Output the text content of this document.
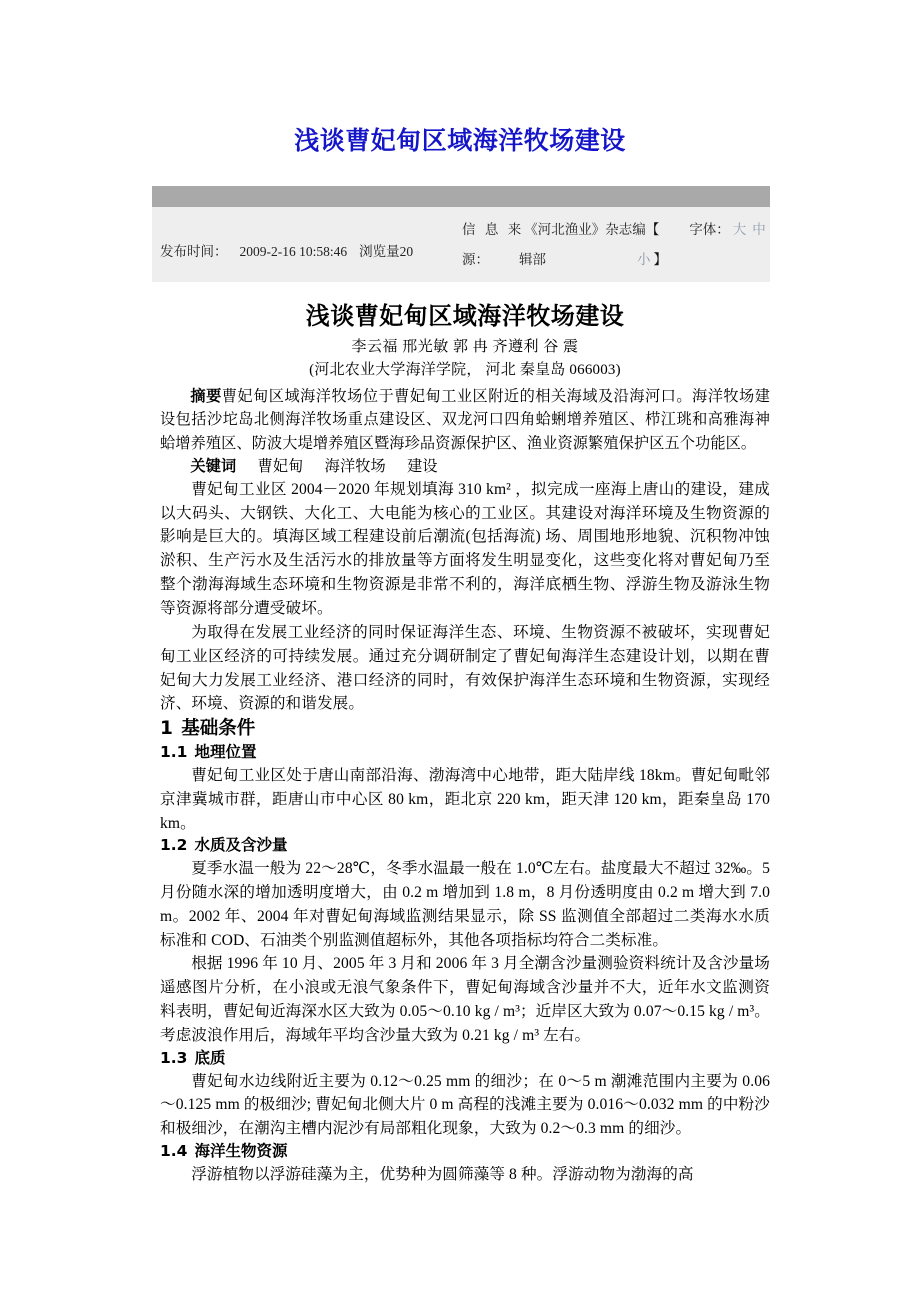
浅谈曹妃甸区域海洋牧场建设
发布时间： 2009-2-16 10:58:46 浏览量20
信 息 来《河北渔业》杂志编【 字体： 大 中
源： 辑部	小 】
浅谈曹妃甸区域海洋牧场建设
李云福 邢光敏 郭 冉 齐遵利 谷 震
(河北农业大学海洋学院， 河北 秦皇岛 066003)
摘要曹妃甸区域海洋牧场位于曹妃甸工业区附近的相关海域及沿海河口。海洋牧场建设包括沙坨岛北侧海洋牧场重点建设区、双龙河口四角蛤蜊增养殖区、栉江珧和高雅海神蛤增养殖区、防波大堤增养殖区暨海珍品资源保护区、渔业资源繁殖保护区五个功能区。
关键词 曹妃甸 海洋牧场 建设

曹妃甸工业区 2004－2020 年规划填海 310 km² ，拟完成一座海上唐山的建设，建成以大码头、大钢铁、大化工、大电能为核心的工业区。其建设对海洋环境及生物资源的影响是巨大的。填海区域工程建设前后潮流(包括海流) 场、周围地形地貌、沉积物冲蚀淤积、生产污水及生活污水的排放量等方面将发生明显变化，这些变化将对曹妃甸乃至整个渤海海域生态环境和生物资源是非常不利的，海洋底栖生物、浮游生物及游泳生物等资源将部分遭受破坏。

为取得在发展工业经济的同时保证海洋生态、环境、生物资源不被破坏，实现曹妃甸工业区经济的可持续发展。通过充分调研制定了曹妃甸海洋生态建设计划，以期在曹妃甸大力发展工业经济、港口经济的同时，有效保护海洋生态环境和生物资源，实现经济、环境、资源的和谐发展。

1 基础条件
1.1 地理位置

曹妃甸工业区处于唐山南部沿海、渤海湾中心地带，距大陆岸线 18km。曹妃甸毗邻京津冀城市群，距唐山市中心区 80 km，距北京 220 km，距天津 120 km，距秦皇岛 170 km。

1.2 水质及含沙量

夏季水温一般为 22～28℃，冬季水温最一般在 1.0℃左右。盐度最大不超过 32‰。5 月份随水深的增加透明度增大，由 0.2 m 增加到 1.8 m，8 月份透明度由 0.2 m 增大到 7.0 m。2002 年、2004 年对曹妃甸海域监测结果显示，除 SS 监测值全部超过二类海水水质标准和 COD、石油类个别监测值超标外，其他各项指标均符合二类标准。

根据 1996 年 10 月、2005 年 3 月和 2006 年 3 月全潮含沙量测验资料统计及含沙量场遥感图片分析，在小浪或无浪气象条件下，曹妃甸海域含沙量并不大，近年水文监测资料表明，曹妃甸近海深水区大致为 0.05～0.10 kg / m³；近岸区大致为 0.07～0.15 kg / m³。考虑波浪作用后，海域年平均含沙量大致为 0.21 kg / m³ 左右。

1.3 底质

曹妃甸水边线附近主要为 0.12～0.25 mm 的细沙；在 0～5 m 潮滩范围内主要为 0.06～0.125 mm 的极细沙; 曹妃甸北侧大片 0 m 高程的浅滩主要为 0.016～0.032 mm 的中粉沙和极细沙，在潮沟主槽内泥沙有局部粗化现象，大致为 0.2～0.3 mm 的细沙。

1.4 海洋生物资源

浮游植物以浮游硅藻为主，优势种为圆筛藻等 8 种。浮游动物为渤海的高
